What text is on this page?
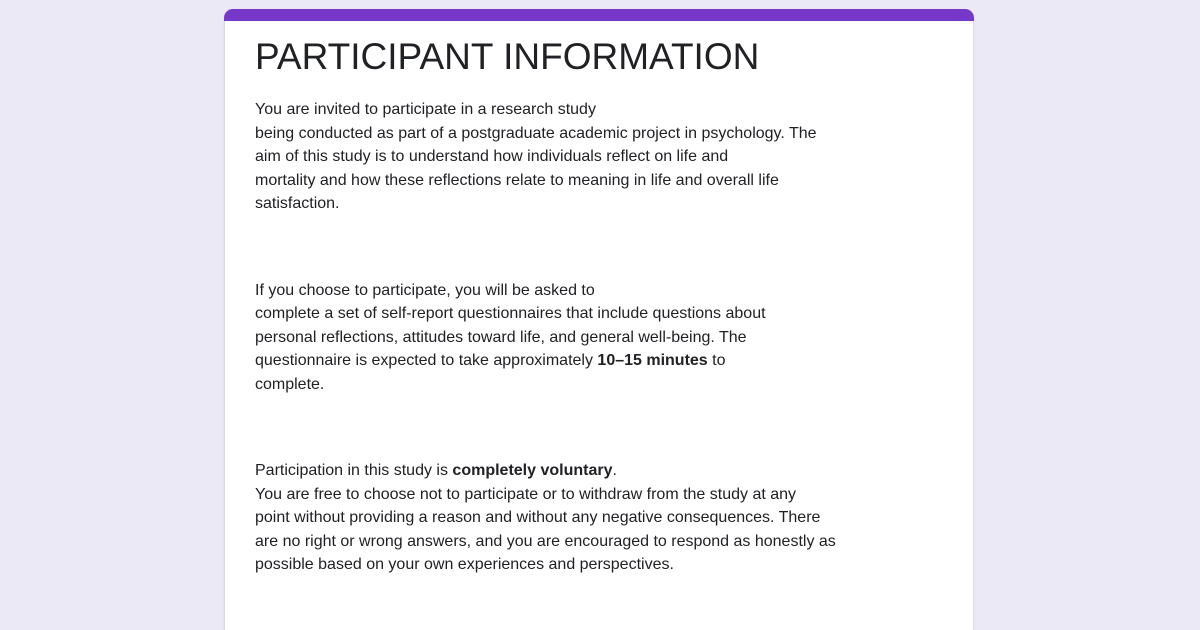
PARTICIPANT INFORMATION
You are invited to participate in a research study
being conducted as part of a postgraduate academic project in psychology. The
aim of this study is to understand how individuals reflect on life and
mortality and how these reflections relate to meaning in life and overall life
satisfaction.
If you choose to participate, you will be asked to
complete a set of self-report questionnaires that include questions about
personal reflections, attitudes toward life, and general well-being. The
questionnaire is expected to take approximately 10–15 minutes to
complete.
Participation in this study is completely voluntary.
You are free to choose not to participate or to withdraw from the study at any
point without providing a reason and without any negative consequences. There
are no right or wrong answers, and you are encouraged to respond as honestly as
possible based on your own experiences and perspectives.
